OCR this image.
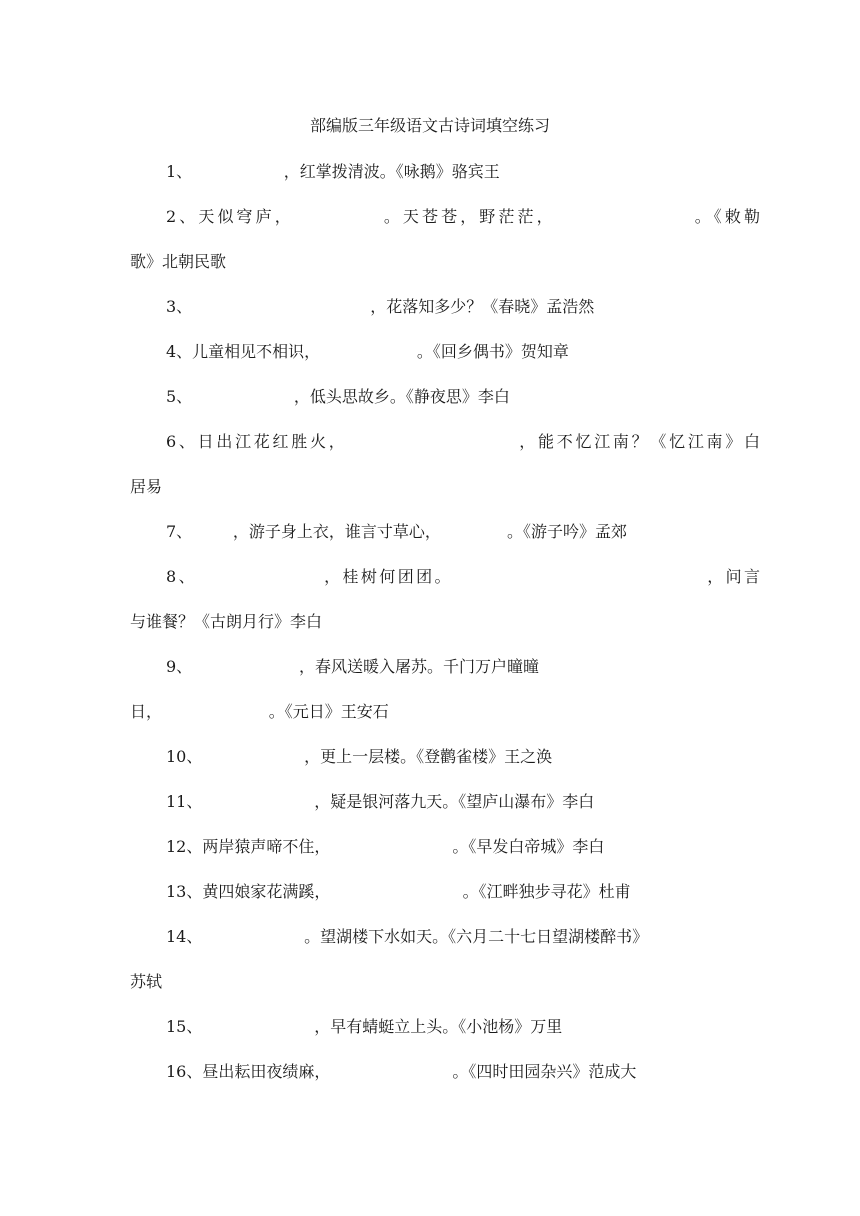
部编版三年级语文古诗词填空练习
1、                  ，红掌拨清波。《咏鹅》骆宾王
2、天似穹庐，           。天苍苍，野茫茫，                 。《敕勒
歌》北朝民歌
3、                                   ，花落知多少？《春晓》孟浩然
4、儿童相见不相识，                   。《回乡偶书》贺知章
5、                    ，低头思故乡。《静夜思》李白
6、日出江花红胜火，                      ，能不忆江南？《忆江南》白
居易
7、        ，游子身上衣，谁言寸草心，             。《游子吟》孟郊
8、                 ，桂树何团团。                                  ，问言
与谁餐？《古朗月行》李白
9、                     ，春风送暖入屠苏。千门万户曈曈
日，                     。《元日》王安石
10、                    ，更上一层楼。《登鹳雀楼》王之涣
11、                      ，疑是银河落九天。《望庐山瀑布》李白
12、两岸猿声啼不住，                        。《早发白帝城》李白
13、黄四娘家花满蹊，                          。《江畔独步寻花》杜甫
14、                    。望湖楼下水如天。《六月二十七日望湖楼醉书》
苏轼
15、                      ，早有蜻蜓立上头。《小池杨》万里
16、昼出耘田夜绩麻，                        。《四时田园杂兴》范成大
